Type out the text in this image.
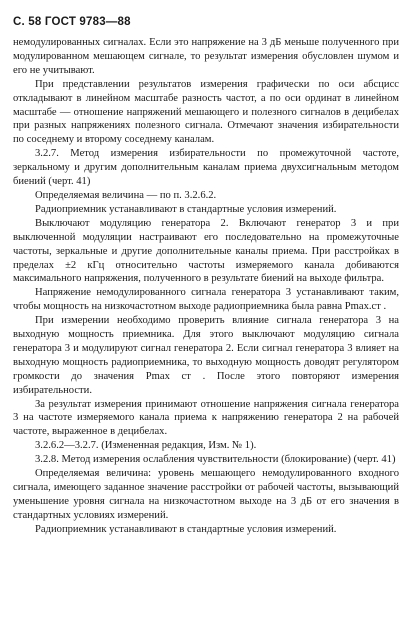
С. 58 ГОСТ 9783—88

немодулированных сигналах. Если это напряжение на 3 дБ меньше полученного при модулированном мешающем сигнале, то результат измерения обусловлен шумом и его не учитывают.

При представлении результатов измерения графически по оси абсцисс откладывают в линейном масштабе разность частот, а по оси ординат в линейном масштабе — отношение напряжений мешающего и полезного сигналов в децибелах при разных напряжениях полезного сигнала. Отмечают значения избирательности по соседнему и второму соседнему каналам.

3.2.7. Метод измерения избирательности по промежуточной частоте, зеркальному и другим дополнительным каналам приема двухсигнальным методом биений (черт. 41)

Определяемая величина — по п. 3.2.6.2.

Радиоприемник устанавливают в стандартные условия измерений.

Выключают модуляцию генератора 2. Включают генератор 3 и при выключенной модуляции настраивают его последовательно на промежуточные частоты, зеркальные и другие дополнительные каналы приема. При расстройках в пределах ±2 кГц относительно частоты измеряемого канала добиваются максимального напряжения, полученного в результате биений на выходе фильтра.

Напряжение немодулированного сигнала генератора 3 устанавливают таким, чтобы мощность на низкочастотном выходе радиоприемника была равна Pmax.ст .

При измерении необходимо проверить влияние сигнала генератора 3 на выходную мощность приемника. Для этого выключают модуляцию сигнала генератора 3 и модулируют сигнал генератора 2. Если сигнал генератора 3 влияет на выходную мощность радиоприемника, то выходную мощность доводят регулятором громкости до значения Pmax ст . После этого повторяют измерения избирательности.

За результат измерения принимают отношение напряжения сигнала генератора 3 на частоте измеряемого канала приема к напряжению генератора 2 на рабочей частоте, выраженное в децибелах.

3.2.6.2—3.2.7. (Измененная редакция, Изм. № 1).

3.2.8. Метод измерения ослабления чувствительности (блокирование) (черт. 41)

Определяемая величина: уровень мешающего немодулированного входного сигнала, имеющего заданное значение расстройки от рабочей частоты, вызывающий уменьшение уровня сигнала на низкочастотном выходе на 3 дБ от его значения в стандартных условиях измерений.

Радиоприемник устанавливают в стандартные условия измерений.
